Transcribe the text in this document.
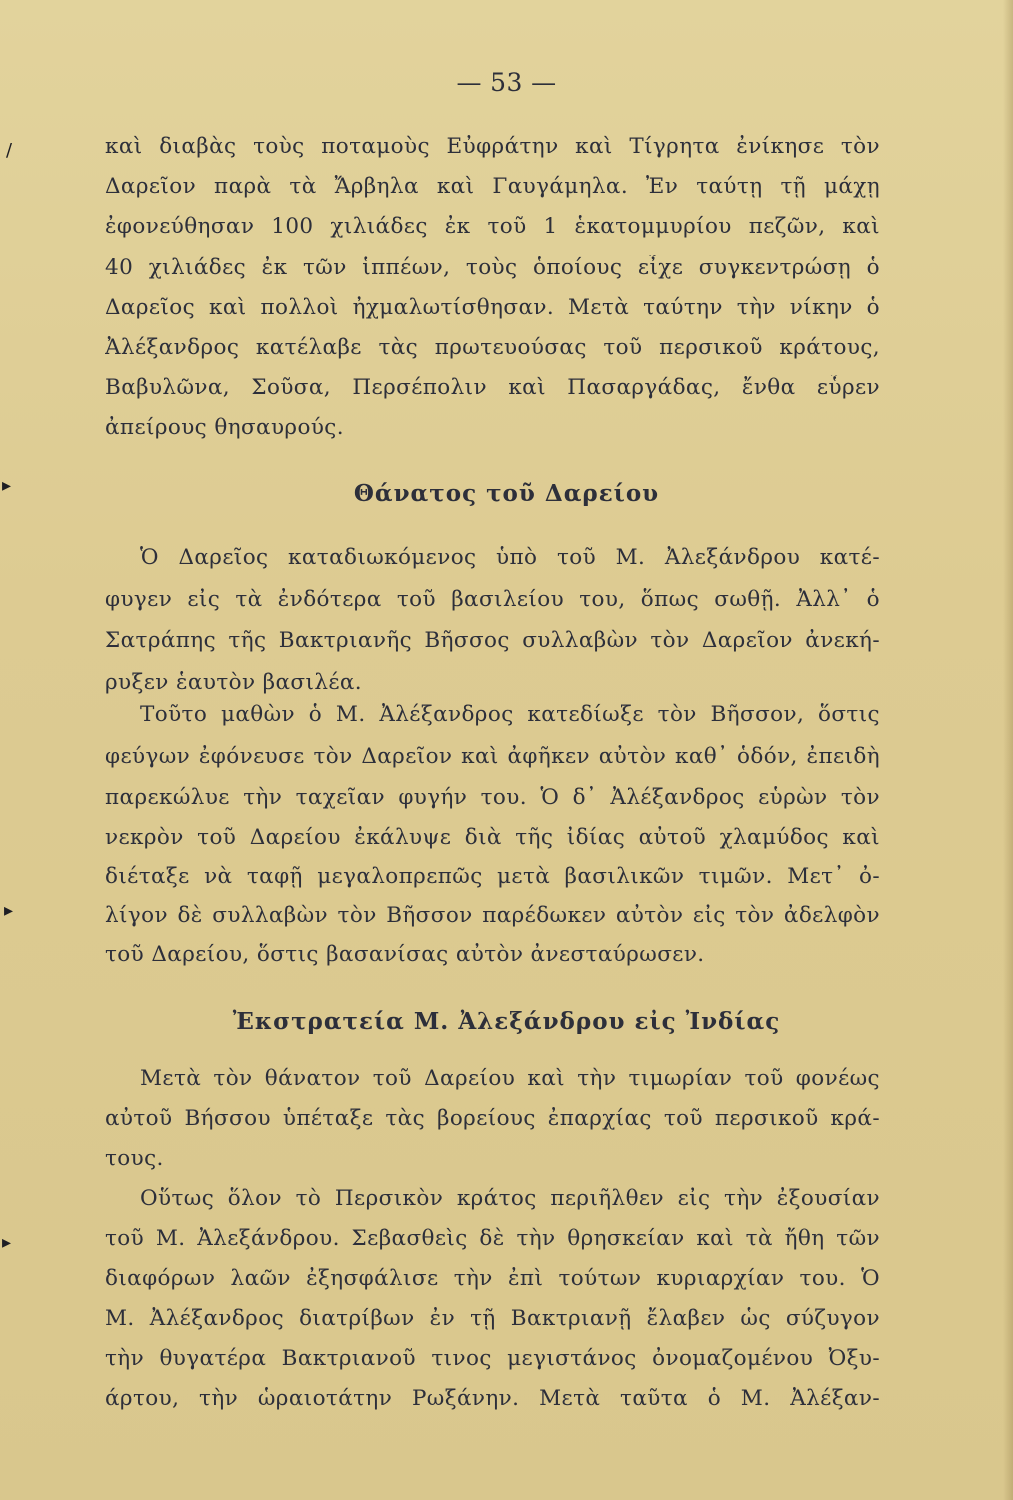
/
▸
▸
▸
— 53 —
καὶ διαβὰς τοὺς ποταμοὺς Εὐφράτην καὶ Τίγρητα ἐνίκησε τὸν
Δαρεῖον παρὰ τὰ Ἄρβηλα καὶ Γαυγάμηλα. Ἐν ταύτῃ τῇ μάχῃ
ἐφονεύθησαν 100 χιλιάδες ἐκ τοῦ 1 ἑκατομμυρίου πεζῶν, καὶ
40 χιλιάδες ἐκ τῶν ἱππέων, τοὺς ὁποίους εἶχε συγκεντρώσῃ ὁ
Δαρεῖος καὶ πολλοὶ ἠχμαλωτίσθησαν. Μετὰ ταύτην τὴν νίκην ὁ
Ἀλέξανδρος κατέλαβε τὰς πρωτευούσας τοῦ περσικοῦ κράτους,
Βαβυλῶνα, Σοῦσα, Περσέπολιν καὶ Πασαργάδας, ἔνθα εὗρεν
ἀπείρους θησαυρούς.
Θάνατος τοῦ Δαρείου
Ὁ Δαρεῖος καταδιωκόμενος ὑπὸ τοῦ Μ. Ἀλεξάνδρου κατέ-
φυγεν εἰς τὰ ἐνδότερα τοῦ βασιλείου του, ὅπως σωθῇ. Ἀλλ᾿ ὁ
Σατράπης τῆς Βακτριανῆς Βῆσσος συλλαβὼν τὸν Δαρεῖον ἀνεκή-
ρυξεν ἑαυτὸν βασιλέα.
Τοῦτο μαθὼν ὁ Μ. Ἀλέξανδρος κατεδίωξε τὸν Βῆσσον, ὅστις
φεύγων ἐφόνευσε τὸν Δαρεῖον καὶ ἀφῆκεν αὐτὸν καθ᾿ ὁδόν, ἐπειδὴ
παρεκώλυε τὴν ταχεῖαν φυγήν του. Ὁ δ᾿ Ἀλέξανδρος εὑρὼν τὸν
νεκρὸν τοῦ Δαρείου ἐκάλυψε διὰ τῆς ἰδίας αὐτοῦ χλαμύδος καὶ
διέταξε νὰ ταφῇ μεγαλοπρεπῶς μετὰ βασιλικῶν τιμῶν. Μετ᾿ ὀ-
λίγον δὲ συλλαβὼν τὸν Βῆσσον παρέδωκεν αὐτὸν εἰς τὸν ἀδελφὸν
τοῦ Δαρείου, ὅστις βασανίσας αὐτὸν ἀνεσταύρωσεν.
Ἐκστρατεία Μ. Ἀλεξάνδρου εἰς Ἰνδίας
Μετὰ τὸν θάνατον τοῦ Δαρείου καὶ τὴν τιμωρίαν τοῦ φονέως
αὐτοῦ Βήσσου ὑπέταξε τὰς βορείους ἐπαρχίας τοῦ περσικοῦ κρά-
τους.
Οὕτως ὅλον τὸ Περσικὸν κράτος περιῆλθεν εἰς τὴν ἐξουσίαν
τοῦ Μ. Ἀλεξάνδρου. Σεβασθεὶς δὲ τὴν θρησκείαν καὶ τὰ ἤθη τῶν
διαφόρων λαῶν ἐξησφάλισε τὴν ἐπὶ τούτων κυριαρχίαν του. Ὁ
Μ. Ἀλέξανδρος διατρίβων ἐν τῇ Βακτριανῇ ἔλαβεν ὡς σύζυγον
τὴν θυγατέρα Βακτριανοῦ τινος μεγιστάνος ὀνομαζομένου Ὀξυ-
άρτου, τὴν ὡραιοτάτην Ρωξάνην. Μετὰ ταῦτα ὁ Μ. Ἀλέξαν-
